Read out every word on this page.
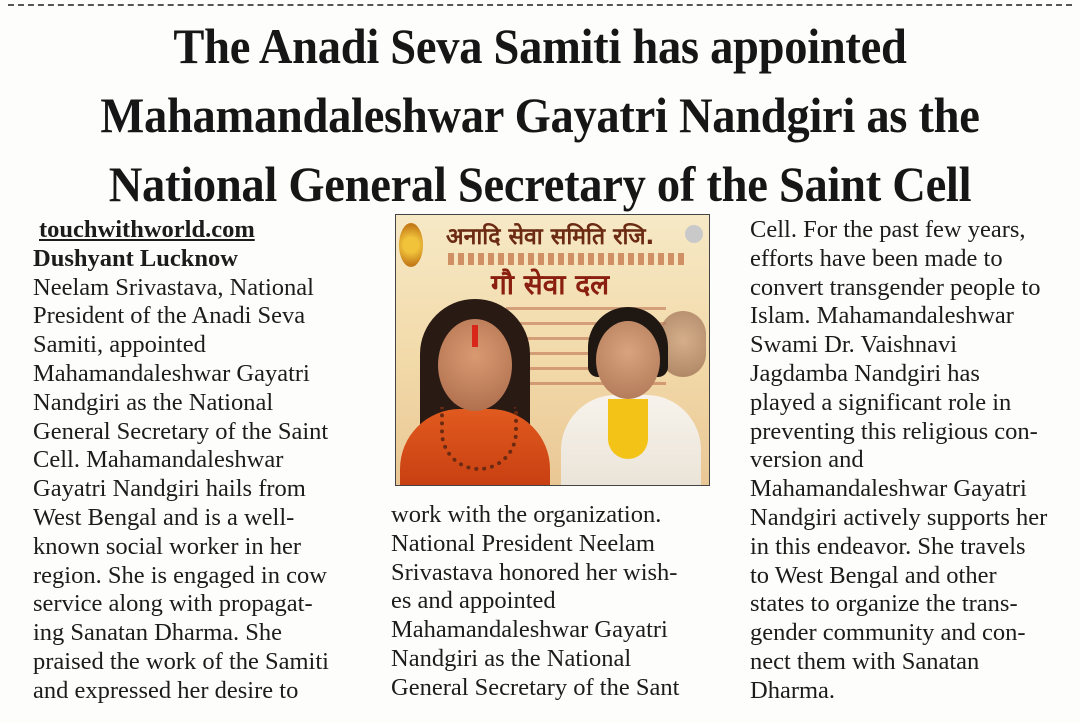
The Anadi Seva Samiti has appointed
Mahamandaleshwar Gayatri Nandgiri as the
National General Secretary of the Saint Cell
touchwithworld.com
Dushyant Lucknow
Neelam Srivastava, National
President of the Anadi Seva
Samiti, appointed
Mahamandaleshwar Gayatri
Nandgiri as the National
General Secretary of the Saint
Cell. Mahamandaleshwar
Gayatri Nandgiri hails from
West Bengal and is a well-
known social worker in her
region. She is engaged in cow
service along with propagat-
ing Sanatan Dharma. She
praised the work of the Samiti
and expressed her desire to
अनादि सेवा समिति रजि.
गौ सेवा दल
work with the organization.
National President Neelam
Srivastava honored her wish-
es and appointed
Mahamandaleshwar Gayatri
Nandgiri as the National
General Secretary of the Sant
Cell. For the past few years,
efforts have been made to
convert transgender people to
Islam. Mahamandaleshwar
Swami Dr. Vaishnavi
Jagdamba Nandgiri has
played a significant role in
preventing this religious con-
version and
Mahamandaleshwar Gayatri
Nandgiri actively supports her
in this endeavor. She travels
to West Bengal and other
states to organize the trans-
gender community and con-
nect them with Sanatan
Dharma.
